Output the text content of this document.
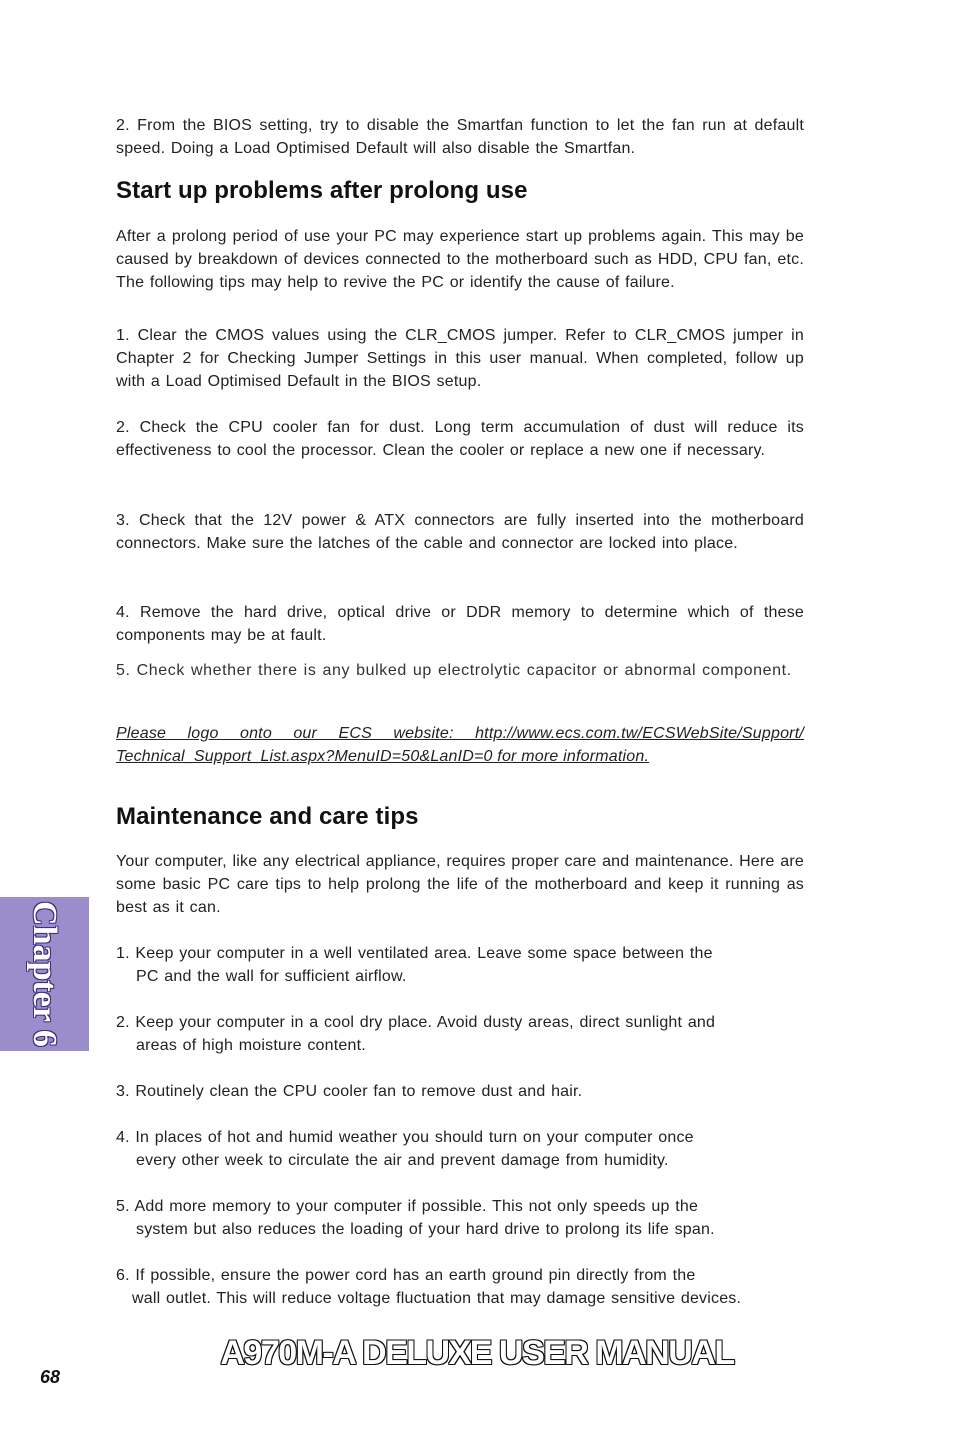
2. From the BIOS setting, try to disable the Smartfan function to let the fan run at default speed. Doing a Load Optimised Default will also disable the Smartfan.

Start up problems after prolong use

After a prolong period of use your PC may experience start up problems again. This may be caused by breakdown of devices connected to the motherboard such as HDD, CPU fan, etc. The following tips may help to revive the PC or identify the cause of failure.

1. Clear the CMOS values using the CLR_CMOS jumper. Refer to CLR_CMOS jumper in Chapter 2 for Checking Jumper Settings in this user manual. When completed, follow up with a Load Optimised Default in the BIOS setup.

2. Check the CPU cooler fan for dust. Long term accumulation of dust will reduce its effectiveness to cool the processor. Clean the cooler or replace a new one if necessary.

3. Check that the 12V power & ATX connectors are fully inserted into the motherboard connectors. Make sure the latches of the cable and connector are locked into place.

4. Remove the hard drive, optical drive or DDR memory to determine which of these components may be at fault.

5. Check whether there is any bulked up electrolytic capacitor or abnormal component.

Please logo onto our ECS website: http://www.ecs.com.tw/ECSWebSite/Support/ Technical_Support_List.aspx?MenuID=50&LanID=0 for more information.

Maintenance and care tips

Your computer, like any electrical appliance, requires proper care and maintenance. Here are some basic PC care tips to help prolong the life of the motherboard and keep it running as best as it can.

1. Keep your computer in a well ventilated area. Leave some space between the
PC and the wall for sufficient airflow.
2. Keep your computer in a cool dry place. Avoid dusty areas, direct sunlight and
areas of high moisture content.
3. Routinely clean the CPU cooler fan to remove dust and hair.
4. In places of hot and humid weather you should turn on your computer once
every other week to circulate the air and prevent damage from humidity.
5. Add more memory to your computer if possible. This not only speeds up the
system but also reduces the loading of your hard drive to prolong its life span.
6. If possible, ensure the power cord has an earth ground pin directly from the
wall outlet. This will reduce voltage fluctuation that may damage sensitive devices.
Chapter 6
A970M-A DELUXE USER MANUAL
68
